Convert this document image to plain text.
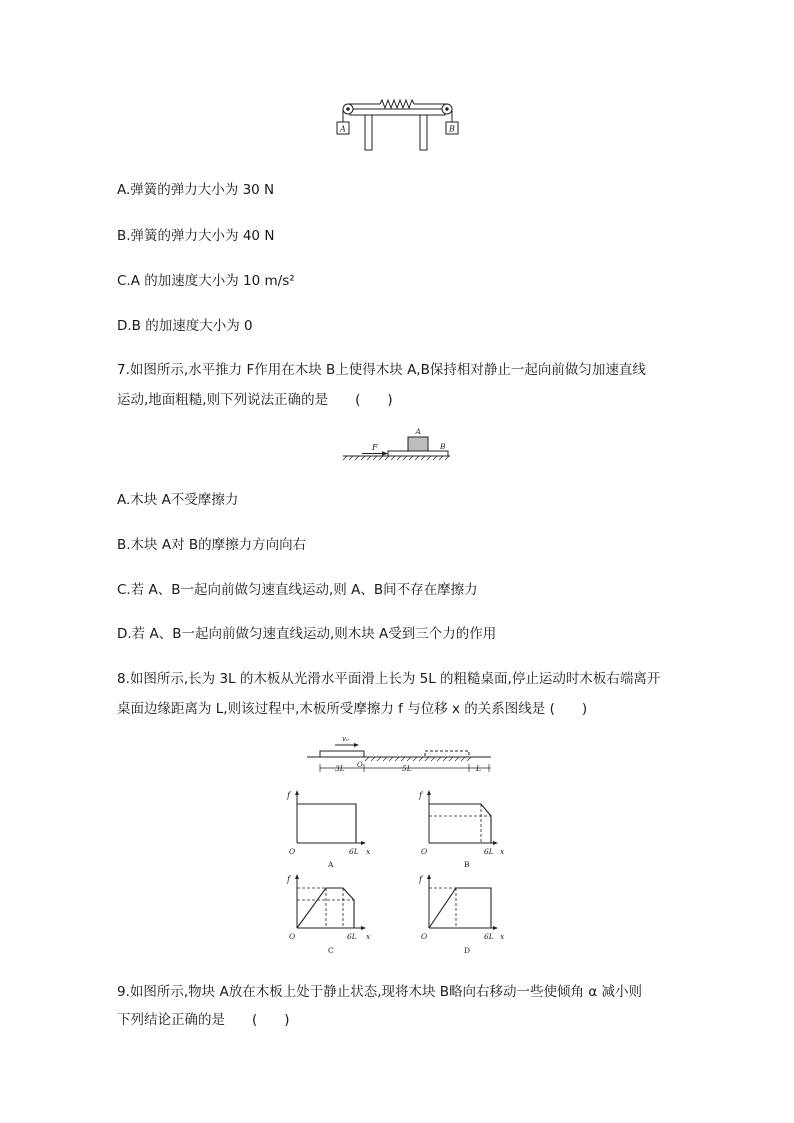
A	B
A.弹簧的弹力大小为 30 N
B.弹簧的弹力大小为 40 N
C.A 的加速度大小为 10 m/s²
D.B 的加速度大小为 0
7.如图所示,水平推力 F作用在木块 B上使得木块 A,B保持相对静止一起向前做匀加速直线
运动,地面粗糙,则下列说法正确的是　　(　　)
F
A
B
A.木块 A不受摩擦力
B.木块 A对 B的摩擦力方向向右
C.若 A、B一起向前做匀速直线运动,则 A、B间不存在摩擦力
D.若 A、B一起向前做匀速直线运动,则木块 A受到三个力的作用
8.如图所示,长为 3L 的木板从光滑水平面滑上长为 5L 的粗糙桌面,停止运动时木板右端离开
桌面边缘距离为 L,则该过程中,木板所受摩擦力 f 与位移 x 的关系图线是 (　　)
v₀
3L O	5L	L
f
O	6L x
A
f
O	6L x
B
f
O	6L x
C
f
O	6L x
D
9.如图所示,物块 A放在木板上处于静止状态,现将木块 B略向右移动一些使倾角 α 减小则
下列结论正确的是　　(　　)
